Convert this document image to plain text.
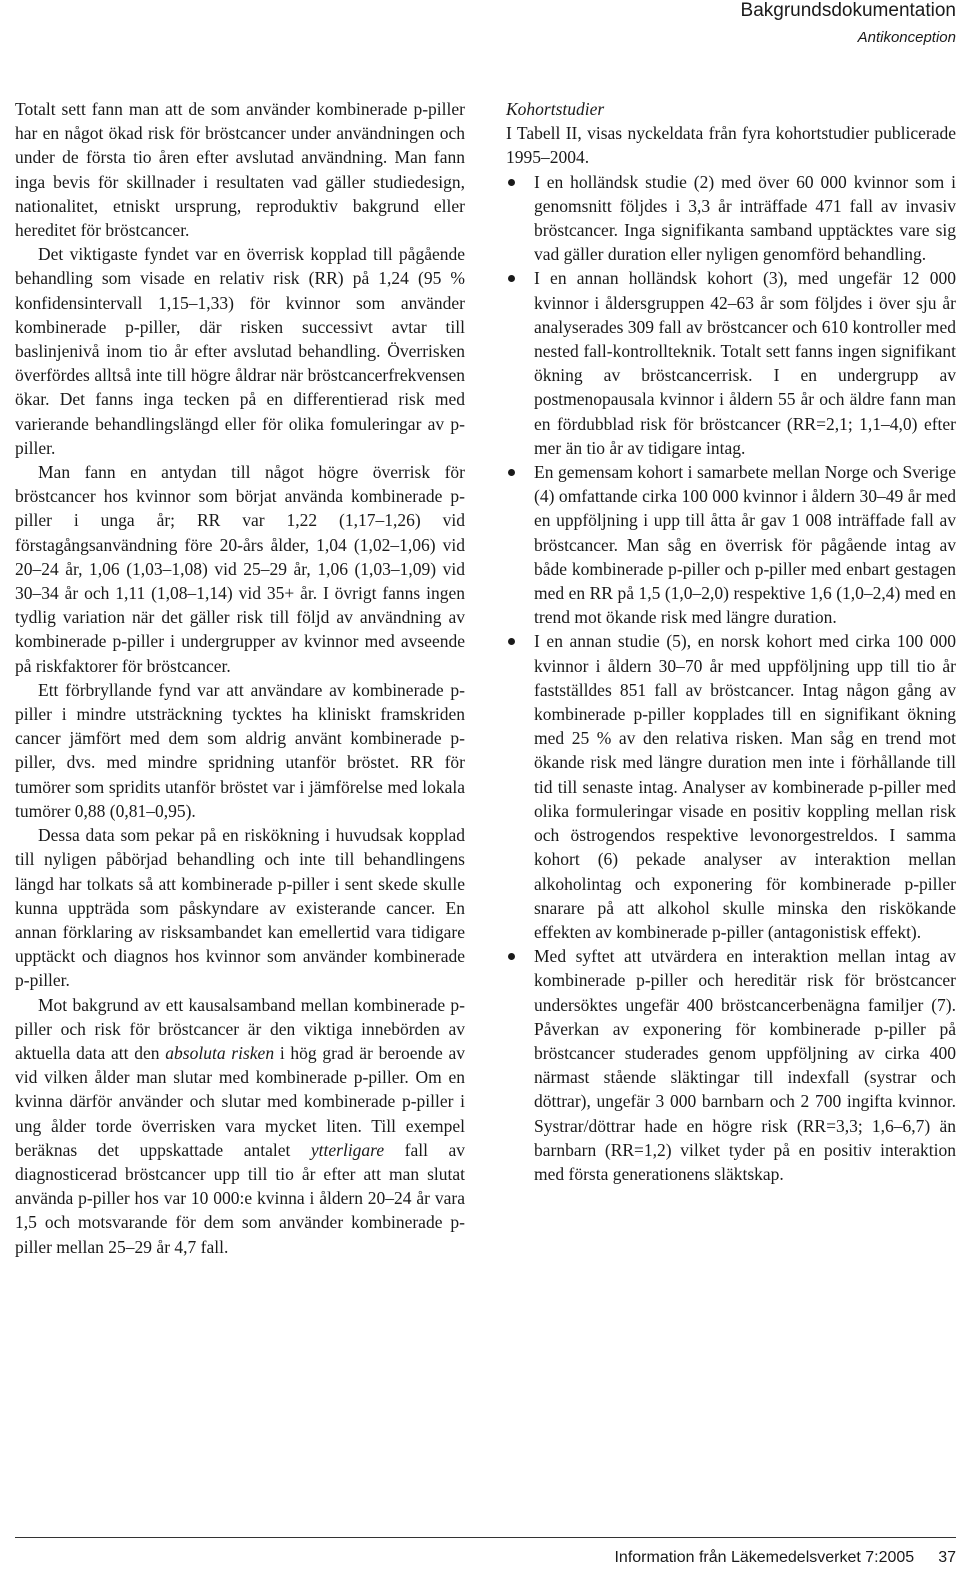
Bakgrundsdokumentation
Antikonception

Totalt sett fann man att de som använder kombinerade p-piller har en något ökad risk för bröstcancer under användningen och under de första tio åren efter avslutad användning. Man fann inga bevis för skillnader i resultaten vad gäller studiedesign, nationalitet, etniskt ursprung, reproduktiv bakgrund eller hereditet för bröstcancer.

Det viktigaste fyndet var en överrisk kopplad till pågående behandling som visade en relativ risk (RR) på 1,24 (95 % konfidensintervall 1,15–1,33) för kvinnor som använder kombinerade p-piller, där risken successivt avtar till baslinjenivå inom tio år efter avslutad behandling. Överrisken överfördes alltså inte till högre åldrar när bröstcancerfrekvensen ökar. Det fanns inga tecken på en differentierad risk med varierande behandlingslängd eller för olika fomuleringar av p-piller.

Man fann en antydan till något högre överrisk för bröstcancer hos kvinnor som börjat använda kombinerade p-piller i unga år; RR var 1,22 (1,17–1,26) vid förstagångsanvändning före 20-års ålder, 1,04 (1,02–1,06) vid 20–24 år, 1,06 (1,03–1,08) vid 25–29 år, 1,06 (1,03–1,09) vid 30–34 år och 1,11 (1,08–1,14) vid 35+ år. I övrigt fanns ingen tydlig variation när det gäller risk till följd av användning av kombinerade p-piller i undergrupper av kvinnor med avseende på riskfaktorer för bröstcancer.

Ett förbryllande fynd var att användare av kombinerade p-piller i mindre utsträckning tycktes ha kliniskt framskriden cancer jämfört med dem som aldrig använt kombinerade p-piller, dvs. med mindre spridning utanför bröstet. RR för tumörer som spridits utanför bröstet var i jämförelse med lokala tumörer 0,88 (0,81–0,95).

Dessa data som pekar på en riskökning i huvudsak kopplad till nyligen påbörjad behandling och inte till behandlingens längd har tolkats så att kombinerade p-piller i sent skede skulle kunna uppträda som påskyndare av existerande cancer. En annan förklaring av risksambandet kan emellertid vara tidigare upptäckt och diagnos hos kvinnor som använder kombinerade p-piller.

Mot bakgrund av ett kausalsamband mellan kombinerade p-piller och risk för bröstcancer är den viktiga innebörden av aktuella data att den absoluta risken i hög grad är beroende av vid vilken ålder man slutar med kombinerade p-piller. Om en kvinna därför använder och slutar med kombinerade p-piller i ung ålder torde överrisken vara mycket liten. Till exempel beräknas det uppskattade antalet ytterligare fall av diagnosticerad bröstcancer upp till tio år efter att man slutat använda p-piller hos var 10 000:e kvinna i åldern 20–24 år vara 1,5 och motsvarande för dem som använder kombinerade p-piller mellan 25–29 år 4,7 fall.

Kohortstudier

I Tabell II, visas nyckeldata från fyra kohortstudier publicerade 1995–2004.

I en holländsk studie (2) med över 60 000 kvinnor som i genomsnitt följdes i 3,3 år inträffade 471 fall av invasiv bröstcancer. Inga signifikanta samband upptäcktes vare sig vad gäller duration eller nyligen genomförd behandling.
I en annan holländsk kohort (3), med ungefär 12 000 kvinnor i åldersgruppen 42–63 år som följdes i över sju år analyserades 309 fall av bröstcancer och 610 kontroller med nested fall-kontrollteknik. Totalt sett fanns ingen signifikant ökning av bröstcancerrisk. I en undergrupp av postmenopausala kvinnor i åldern 55 år och äldre fann man en fördubblad risk för bröstcancer (RR=2,1; 1,1–4,0) efter mer än tio år av tidigare intag.
En gemensam kohort i samarbete mellan Norge och Sverige (4) omfattande cirka 100 000 kvinnor i åldern 30–49 år med en uppföljning i upp till åtta år gav 1 008 inträffade fall av bröstcancer. Man såg en överrisk för pågående intag av både kombinerade p-piller och p-piller med enbart gestagen med en RR på 1,5 (1,0–2,0) respektive 1,6 (1,0–2,4) med en trend mot ökande risk med längre duration.
I en annan studie (5), en norsk kohort med cirka 100 000 kvinnor i åldern 30–70 år med uppföljning upp till tio år fastställdes 851 fall av bröstcancer. Intag någon gång av kombinerade p-piller kopplades till en signifikant ökning med 25 % av den relativa risken. Man såg en trend mot ökande risk med längre duration men inte i förhållande till tid till senaste intag. Analyser av kombinerade p-piller med olika formuleringar visade en positiv koppling mellan risk och östrogendos respektive levonorgestreldos. I samma kohort (6) pekade analyser av interaktion mellan alkoholintag och exponering för kombinerade p-piller snarare på att alkohol skulle minska den riskökande effekten av kombinerade p-piller (antagonistisk effekt).
Med syftet att utvärdera en interaktion mellan intag av kombinerade p-piller och hereditär risk för bröstcancer undersöktes ungefär 400 bröstcancerbenägna familjer (7). Påverkan av exponering för kombinerade p-piller på bröstcancer studerades genom uppföljning av cirka 400 närmast stående släktingar till indexfall (systrar och döttrar), ungefär 3 000 barnbarn och 2 700 ingifta kvinnor. Systrar/döttrar hade en högre risk (RR=3,3; 1,6–6,7) än barnbarn (RR=1,2) vilket tyder på en positiv interaktion med första generationens släktskap.
Information från Läkemedelsverket 7:2005 37
